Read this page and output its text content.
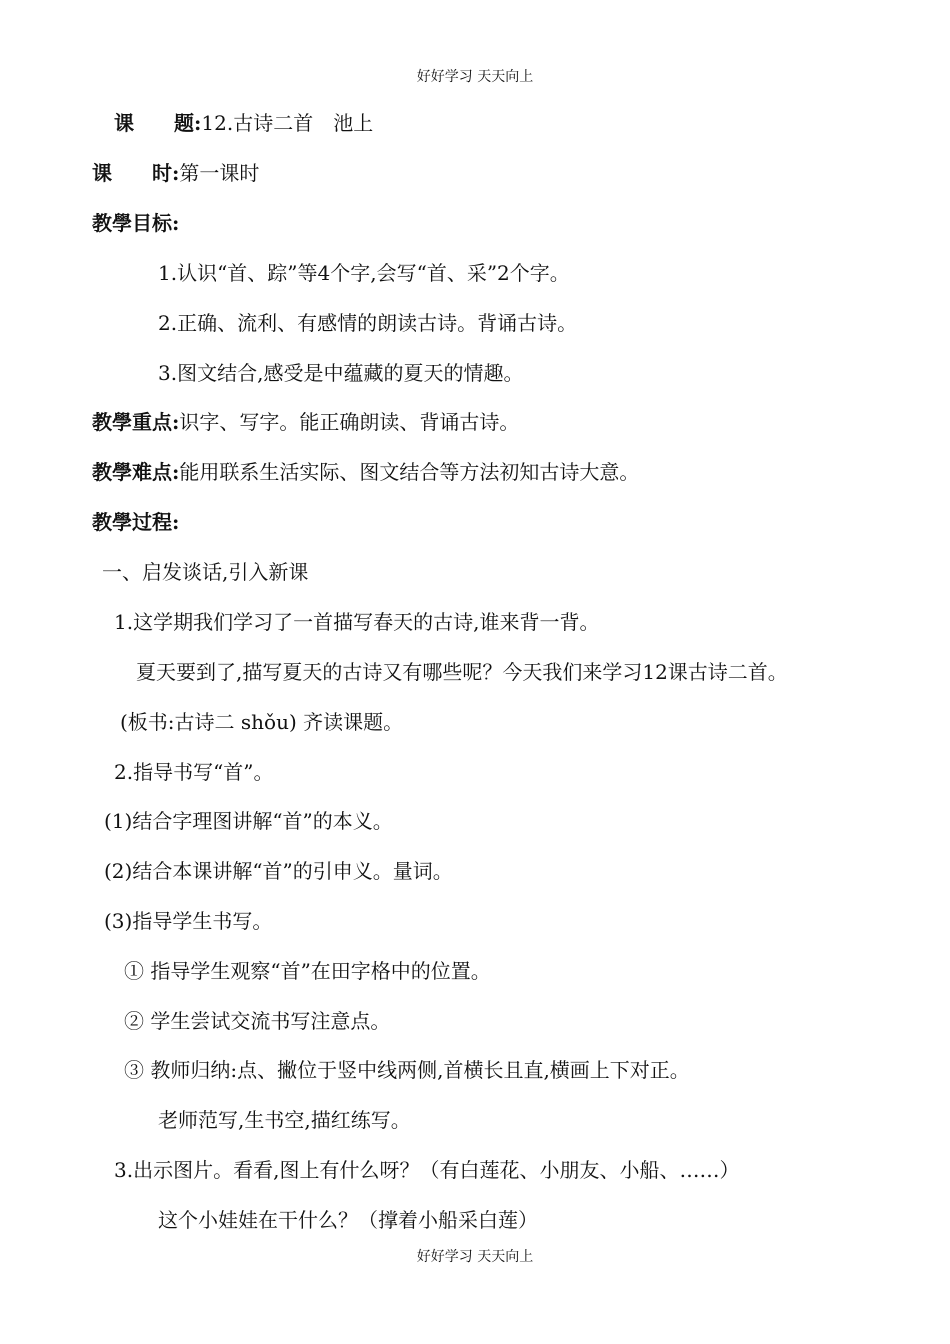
好好学习 天天向上
课　　题:12.古诗二首　池上
课　　时:第一课时
教學目标:
1.认识“首、踪”等4个字,会写“首、采”2个字。
2.正确、流利、有感情的朗读古诗。背诵古诗。
3.图文结合,感受是中蕴藏的夏天的情趣。
教學重点:识字、写字。能正确朗读、背诵古诗。
教學难点:能用联系生活实际、图文结合等方法初知古诗大意。
教學过程:
一、启发谈话,引入新课
1.这学期我们学习了一首描写春天的古诗,谁来背一背。
夏天要到了,描写夏天的古诗又有哪些呢？今天我们来学习12课古诗二首。
(板书:古诗二 shǒu) 齐读课题。
2.指导书写“首”。
(1)结合字理图讲解“首”的本义。
(2)结合本课讲解“首”的引申义。量词。
(3)指导学生书写。
① 指导学生观察“首”在田字格中的位置。
② 学生尝试交流书写注意点。
③ 教师归纳:点、撇位于竖中线两侧,首横长且直,横画上下对正。
老师范写,生书空,描红练写。
3.出示图片。看看,图上有什么呀？（有白莲花、小朋友、小船、……）
这个小娃娃在干什么？（撑着小船采白莲）
好好学习 天天向上
